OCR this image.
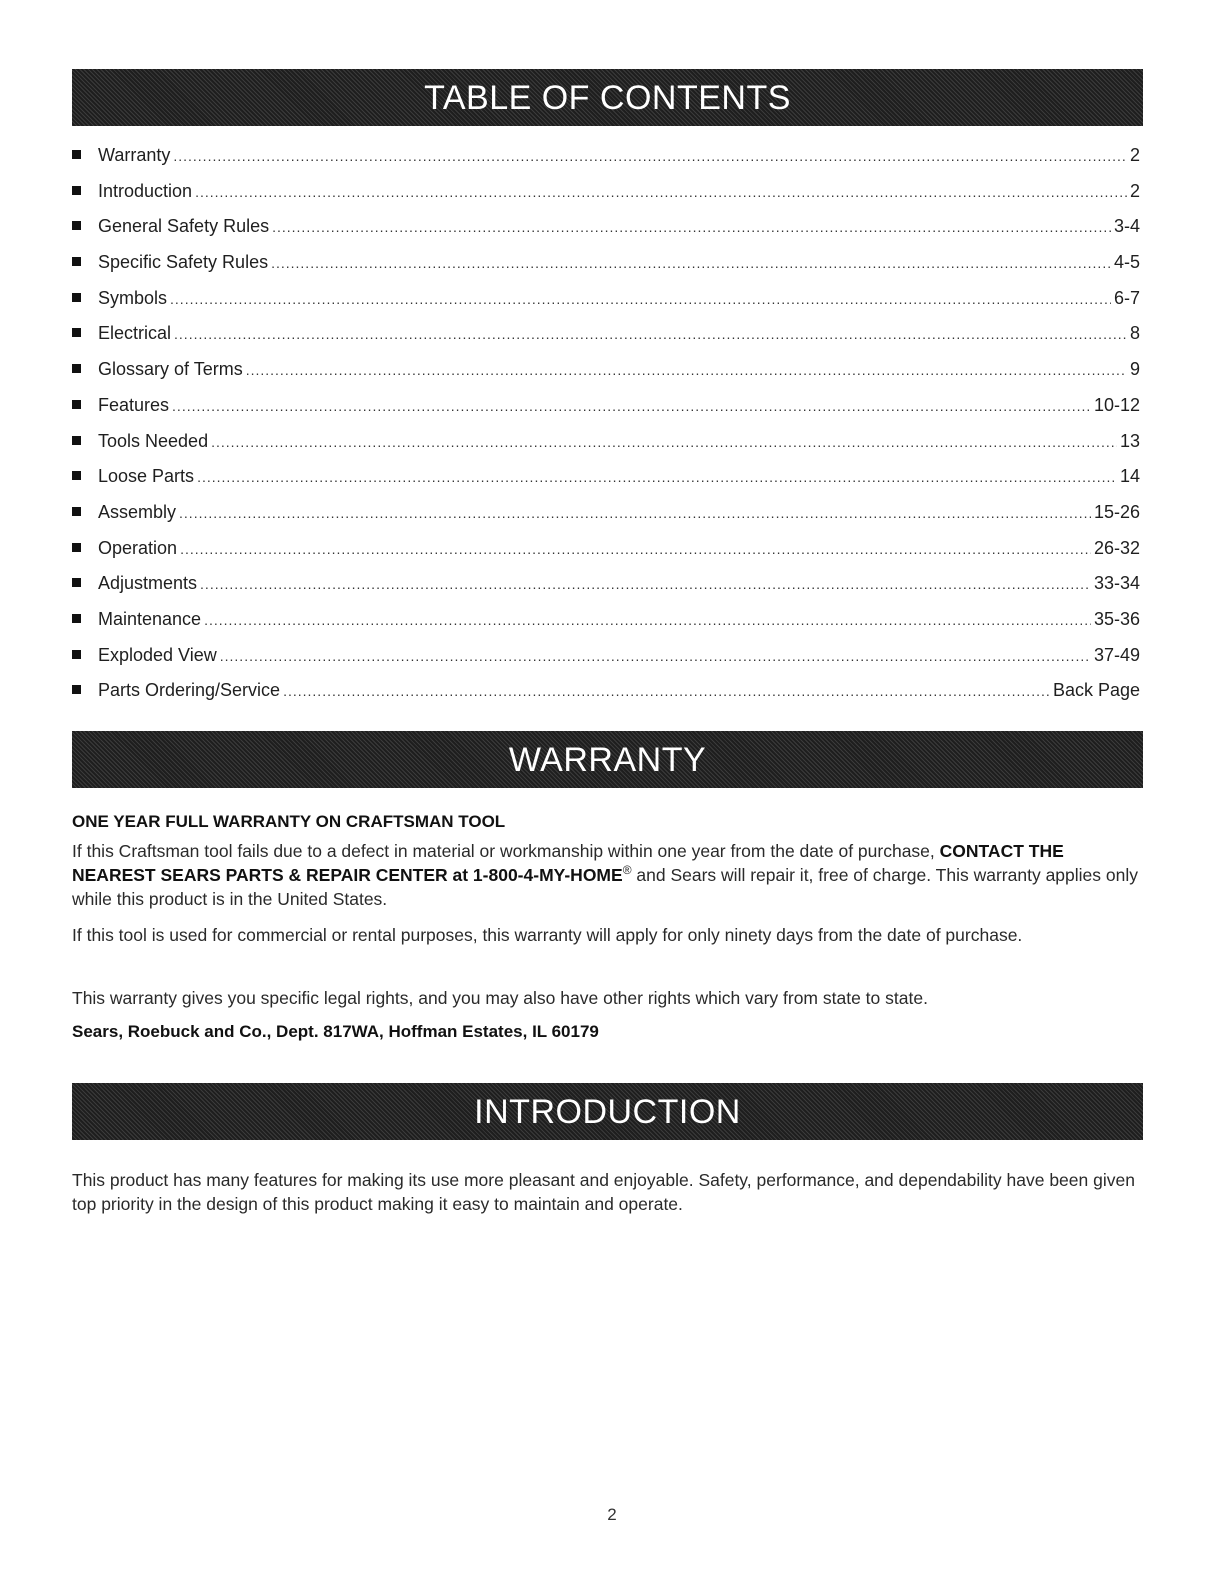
TABLE OF CONTENTS
Warranty .....	2
Introduction .....	2
General Safety Rules .....	3-4
Specific Safety Rules .....	4-5
Symbols .....	6-7
Electrical .....	8
Glossary of Terms .....	9
Features .....	10-12
Tools Needed .....	13
Loose Parts .....	14
Assembly .....	15-26
Operation .....	26-32
Adjustments .....	33-34
Maintenance .....	35-36
Exploded View .....	37-49
Parts Ordering/Service .....	Back Page
WARRANTY

ONE YEAR FULL WARRANTY ON CRAFTSMAN TOOL

If this Craftsman tool fails due to a defect in material or workmanship within one year from the date of purchase, CONTACT THE NEAREST SEARS PARTS & REPAIR CENTER at 1-800-4-MY-HOME® and Sears will repair it, free of charge. This warranty applies only while this product is in the United States.

If this tool is used for commercial or rental purposes, this warranty will apply for only ninety days from the date of purchase.

This warranty gives you specific legal rights, and you may also have other rights which vary from state to state.

Sears, Roebuck and Co., Dept. 817WA, Hoffman Estates, IL 60179

INTRODUCTION

This product has many features for making its use more pleasant and enjoyable. Safety, performance, and dependability have been given top priority in the design of this product making it easy to maintain and operate.

2
